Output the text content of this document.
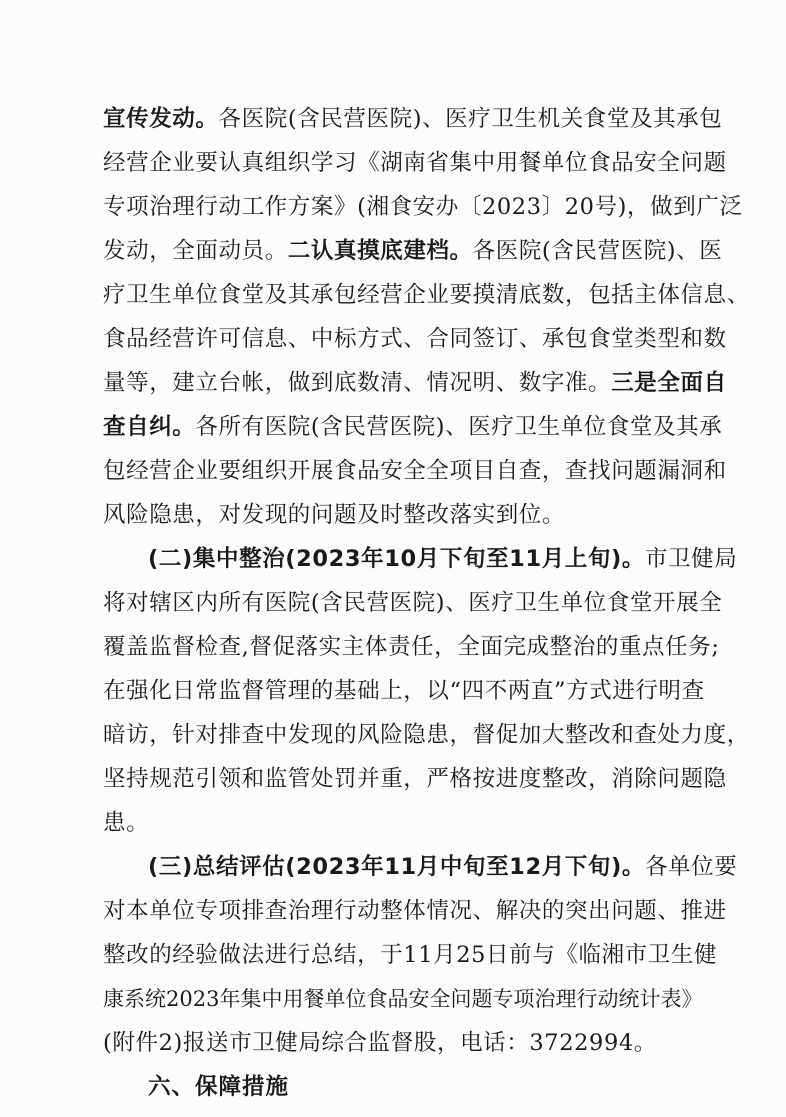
宣传发动。各医院(含民营医院)、医疗卫生机关食堂及其承包
经营企业要认真组织学习《湖南省集中用餐单位食品安全问题
专项治理行动工作方案》(湘食安办〔2023〕20号)，做到广泛
发动，全面动员。二认真摸底建档。各医院(含民营医院)、医
疗卫生单位食堂及其承包经营企业要摸清底数，包括主体信息、
食品经营许可信息、中标方式、合同签订、承包食堂类型和数
量等，建立台帐，做到底数清、情况明、数字准。三是全面自
查自纠。各所有医院(含民营医院)、医疗卫生单位食堂及其承
包经营企业要组织开展食品安全全项目自查，查找问题漏洞和
风险隐患，对发现的问题及时整改落实到位。
(二)集中整治(2023年10月下旬至11月上旬)。市卫健局
将对辖区内所有医院(含民营医院)、医疗卫生单位食堂开展全
覆盖监督检查,督促落实主体责任，全面完成整治的重点任务;
在强化日常监督管理的基础上，以“四不两直”方式进行明查
暗访，针对排查中发现的风险隐患，督促加大整改和查处力度，
坚持规范引领和监管处罚并重，严格按进度整改，消除问题隐
患。
(三)总结评估(2023年11月中旬至12月下旬)。各单位要
对本单位专项排查治理行动整体情况、解决的突出问题、推进
整改的经验做法进行总结，于11月25日前与《临湘市卫生健
康系统2023年集中用餐单位食品安全问题专项治理行动统计表》
(附件2)报送市卫健局综合监督股，电话：3722994。
六、保障措施
